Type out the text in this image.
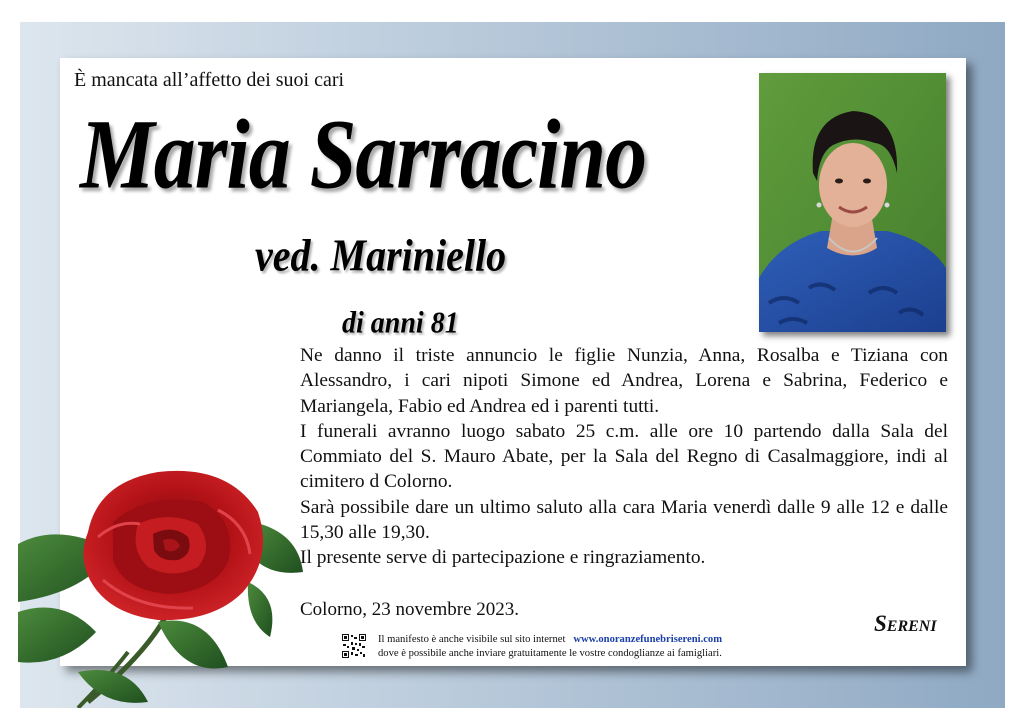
È mancata all’affetto dei suoi cari
Maria Sarracino
ved. Mariniello
di anni 81

Ne danno il triste annuncio le figlie Nunzia, Anna, Rosalba e Tiziana con Alessandro, i cari nipoti Simone ed Andrea, Lorena e Sabrina, Federico e Mariangela, Fabio ed Andrea ed i parenti tutti.

I funerali avranno luogo sabato 25 c.m. alle ore 10 partendo dalla Sala del Commiato del S. Mauro Abate, per la Sala del Regno di Casalmaggiore, indi al cimitero d Colorno.

Sarà possibile dare un ultimo saluto alla cara Maria venerdì dalle 9 alle 12 e dalle 15,30 alle 19,30.

Il presente serve di partecipazione e ringraziamento.

Colorno, 23 novembre 2023.
Sereni
Il manifesto è anche visibile sul sito internet www.onoranzefunebrisereni.com
dove è possibile anche inviare gratuitamente le vostre condoglianze ai famigliari.
